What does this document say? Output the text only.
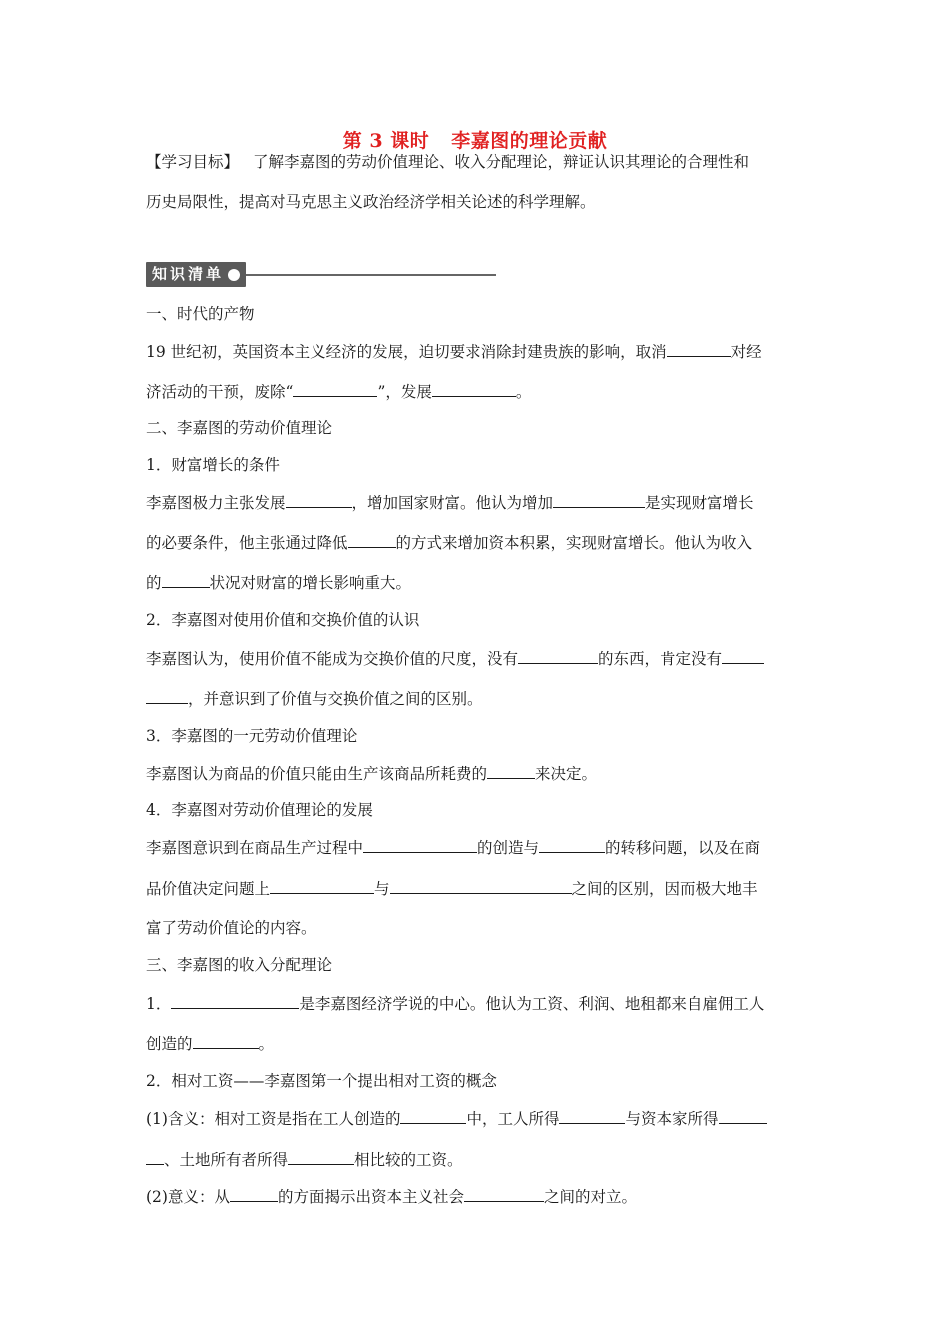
第 3 课时 李嘉图的理论贡献
【学习目标】 了解李嘉图的劳动价值理论、收入分配理论，辩证认识其理论的合理性和
历史局限性，提高对马克思主义政治经济学相关论述的科学理解。
知识清单
一、时代的产物
19 世纪初，英国资本主义经济的发展，迫切要求消除封建贵族的影响，取消	对经
济活动的干预，废除“	”，发展	。
二、李嘉图的劳动价值理论
1．财富增长的条件
李嘉图极力主张发展	，增加国家财富。他认为增加	是实现财富增长
的必要条件，他主张通过降低	的方式来增加资本积累，实现财富增长。他认为收入
的	状况对财富的增长影响重大。
2．李嘉图对使用价值和交换价值的认识
李嘉图认为，使用价值不能成为交换价值的尺度，没有	的东西，肯定没有
，并意识到了价值与交换价值之间的区别。
3．李嘉图的一元劳动价值理论
李嘉图认为商品的价值只能由生产该商品所耗费的	来决定。
4．李嘉图对劳动价值理论的发展
李嘉图意识到在商品生产过程中	的创造与	的转移问题，以及在商
品价值决定问题上	与	之间的区别，因而极大地丰
富了劳动价值论的内容。
三、李嘉图的收入分配理论
1．	是李嘉图经济学说的中心。他认为工资、利润、地租都来自雇佣工人
创造的	。
2．相对工资——李嘉图第一个提出相对工资的概念
(1)含义：相对工资是指在工人创造的	中，工人所得	与资本家所得
、土地所有者所得	相比较的工资。
(2)意义：从	的方面揭示出资本主义社会	之间的对立。
